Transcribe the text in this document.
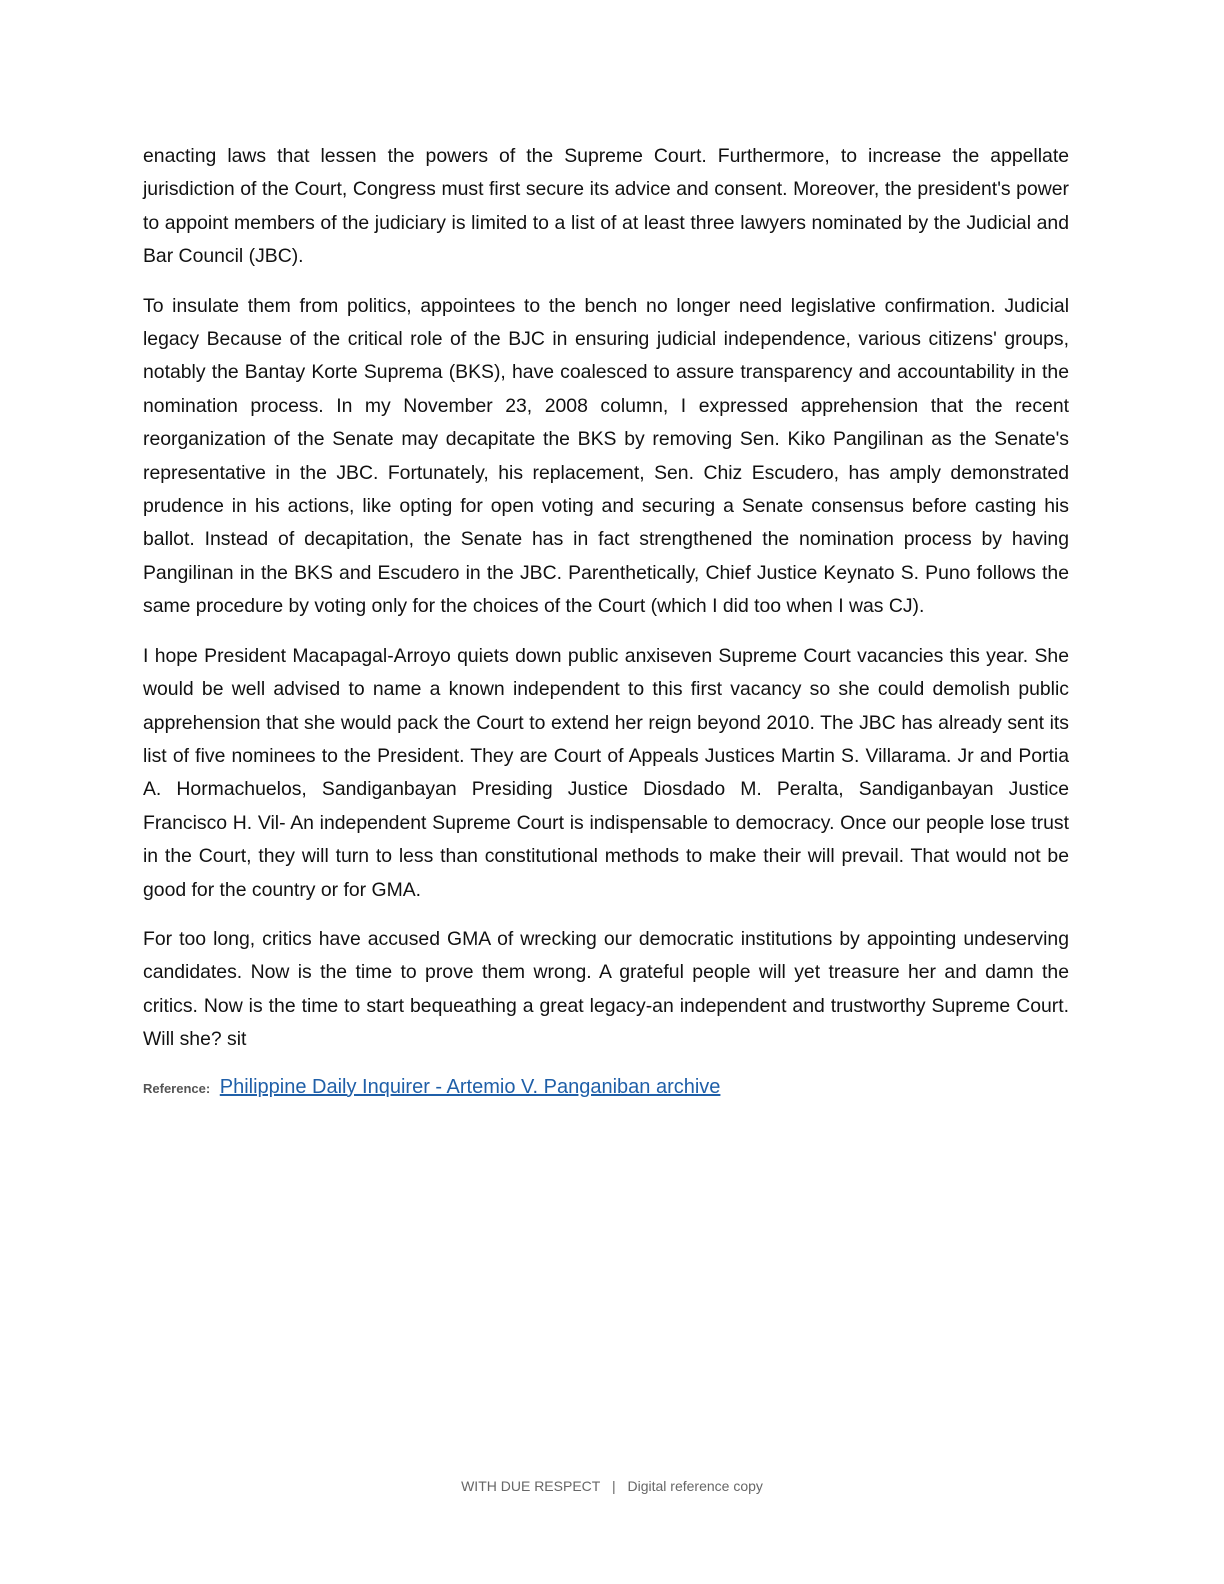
enacting laws that lessen the powers of the Supreme Court. Furthermore, to increase the appellate jurisdiction of the Court, Congress must first secure its advice and consent. Moreover, the president's power to appoint members of the judiciary is limited to a list of at least three lawyers nominated by the Judicial and Bar Council (JBC).

To insulate them from politics, appointees to the bench no longer need legislative confirmation. Judicial legacy Because of the critical role of the BJC in ensuring judicial independence, various citizens' groups, notably the Bantay Korte Suprema (BKS), have coalesced to assure transparency and accountability in the nomination process. In my November 23, 2008 column, I expressed apprehension that the recent reorganization of the Senate may decapitate the BKS by removing Sen. Kiko Pangilinan as the Senate's representative in the JBC. Fortunately, his replacement, Sen. Chiz Escudero, has amply demonstrated prudence in his actions, like opting for open voting and securing a Senate consensus before casting his ballot. Instead of decapitation, the Senate has in fact strengthened the nomination process by having Pangilinan in the BKS and Escudero in the JBC. Parenthetically, Chief Justice Keynato S. Puno follows the same procedure by voting only for the choices of the Court (which I did too when I was CJ).

I hope President Macapagal-Arroyo quiets down public anxiseven Supreme Court vacancies this year. She would be well advised to name a known independent to this first vacancy so she could demolish public apprehension that she would pack the Court to extend her reign beyond 2010. The JBC has already sent its list of five nominees to the President. They are Court of Appeals Justices Martin S. Villarama. Jr and Portia A. Hormachuelos, Sandiganbayan Presiding Justice Diosdado M. Peralta, Sandiganbayan Justice Francisco H. Vil- An independent Supreme Court is indispensable to democracy. Once our people lose trust in the Court, they will turn to less than constitutional methods to make their will prevail. That would not be good for the country or for GMA.

For too long, critics have accused GMA of wrecking our democratic institutions by appointing undeserving candidates. Now is the time to prove them wrong. A grateful people will yet treasure her and damn the critics. Now is the time to start bequeathing a great legacy-an independent and trustworthy Supreme Court. Will she? sit

Reference: Philippine Daily Inquirer - Artemio V. Panganiban archive
WITH DUE RESPECT | Digital reference copy
